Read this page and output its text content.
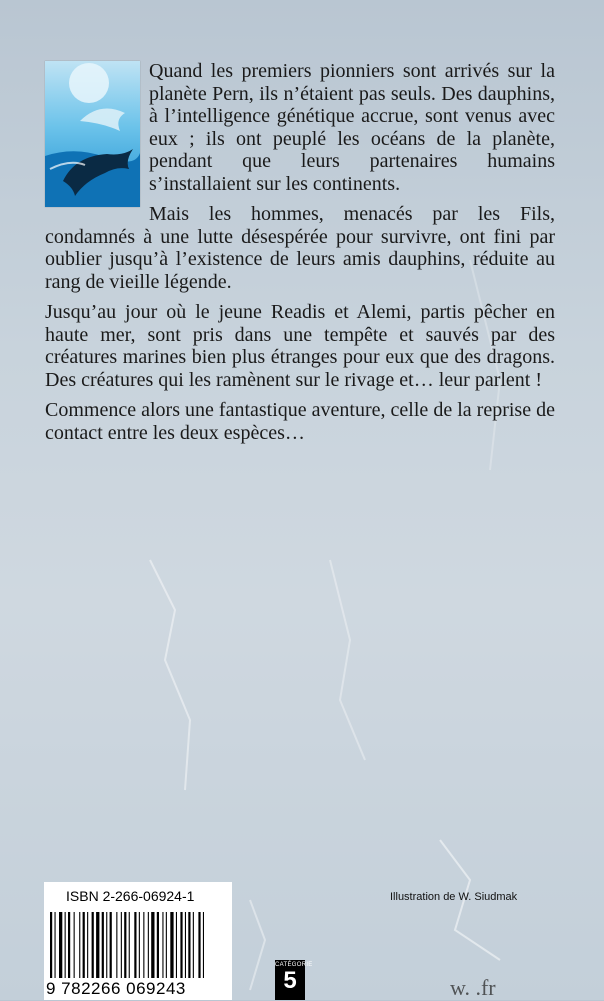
Quand les premiers pionniers sont arrivés sur la planète Pern, ils n’étaient pas seuls. Des dauphins, à l’intelligence génétique accrue, sont venus avec eux ; ils ont peuplé les océans de la planète, pendant que leurs partenaires humains s’installaient sur les continents.

Mais les hommes, menacés par les Fils, condamnés à une lutte désespérée pour survivre, ont fini par oublier jusqu’à l’existence de leurs amis dauphins, réduite au rang de vieille légende.

Jusqu’au jour où le jeune Readis et Alemi, partis pêcher en haute mer, sont pris dans une tempête et sauvés par des créatures marines bien plus étranges pour eux que des dragons. Des créatures qui les ramènent sur le rivage et… leur parlent !

Commence alors une fantastique aventure, celle de la reprise de contact entre les deux espèces…

ISBN 2-266-06924-1
9 782266 069243
CATÉGORIE
5
Illustration de W. Siudmak
w. .fr
